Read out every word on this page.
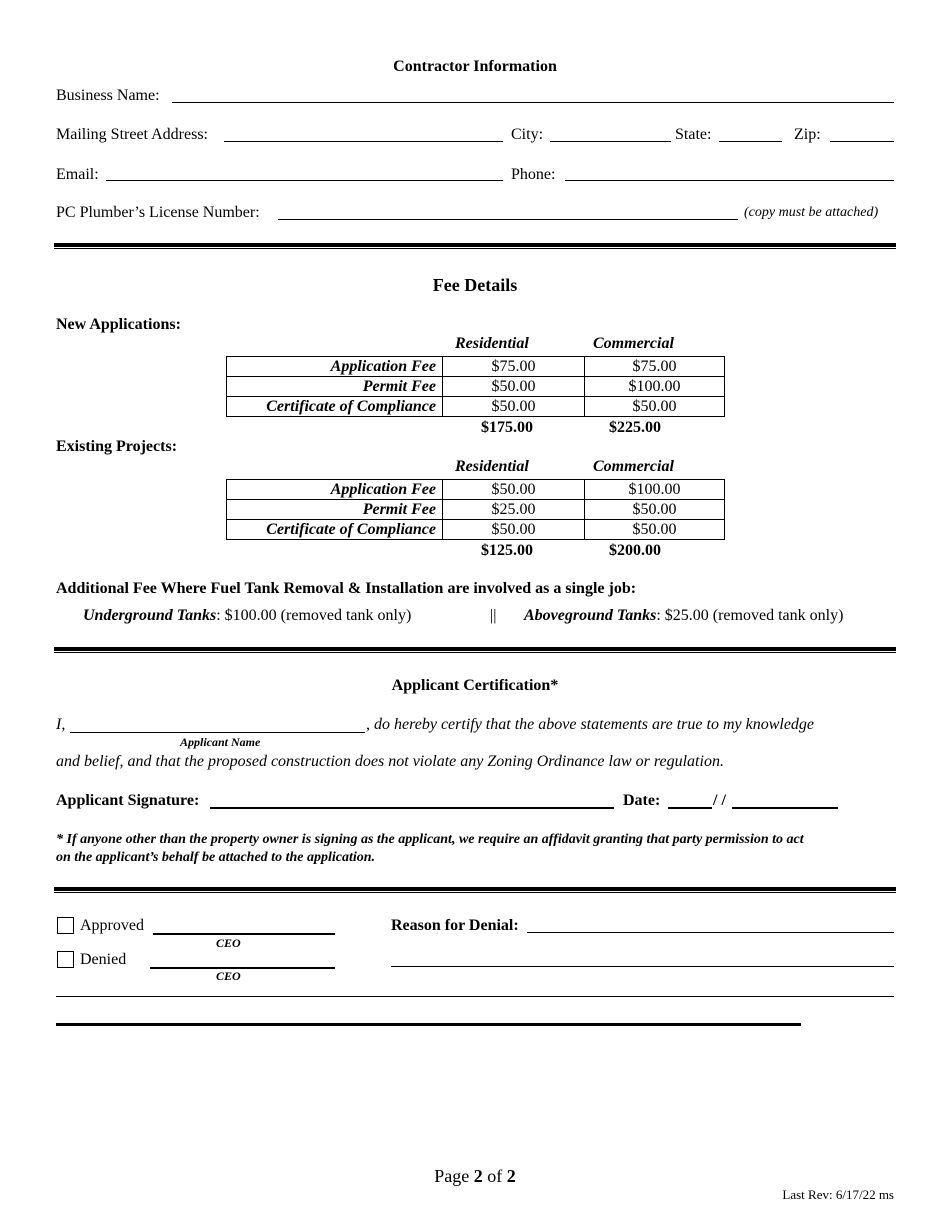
Contractor Information
Business Name:
Mailing Street Address:	City:	State:	Zip:
Email:	Phone:
PC Plumber’s License Number:	(copy must be attached)
Fee Details
New Applications:
Residential	Commercial
Application Fee	$75.00	$75.00
Permit Fee	$50.00	$100.00
Certificate of Compliance	$50.00	$50.00
$175.00	$225.00
Existing Projects:
Residential	Commercial
Application Fee	$50.00	$100.00
Permit Fee	$25.00	$50.00
Certificate of Compliance	$50.00	$50.00
$125.00	$200.00
Additional Fee Where Fuel Tank Removal & Installation are involved as a single job:
Underground Tanks: $100.00 (removed tank only)	|| Aboveground Tanks: $25.00 (removed tank only)
Applicant Certification*
I,	, do hereby certify that the above statements are true to my knowledge
Applicant Name
and belief, and that the proposed construction does not violate any Zoning Ordinance law or regulation.
Applicant Signature:	Date:	/ /
* If anyone other than the property owner is signing as the applicant, we require an affidavit granting that party permission to act
on the applicant’s behalf be attached to the application.
Approved
CEO
Denied
CEO
Reason for Denial:
Page 2 of 2
Last Rev: 6/17/22 ms
